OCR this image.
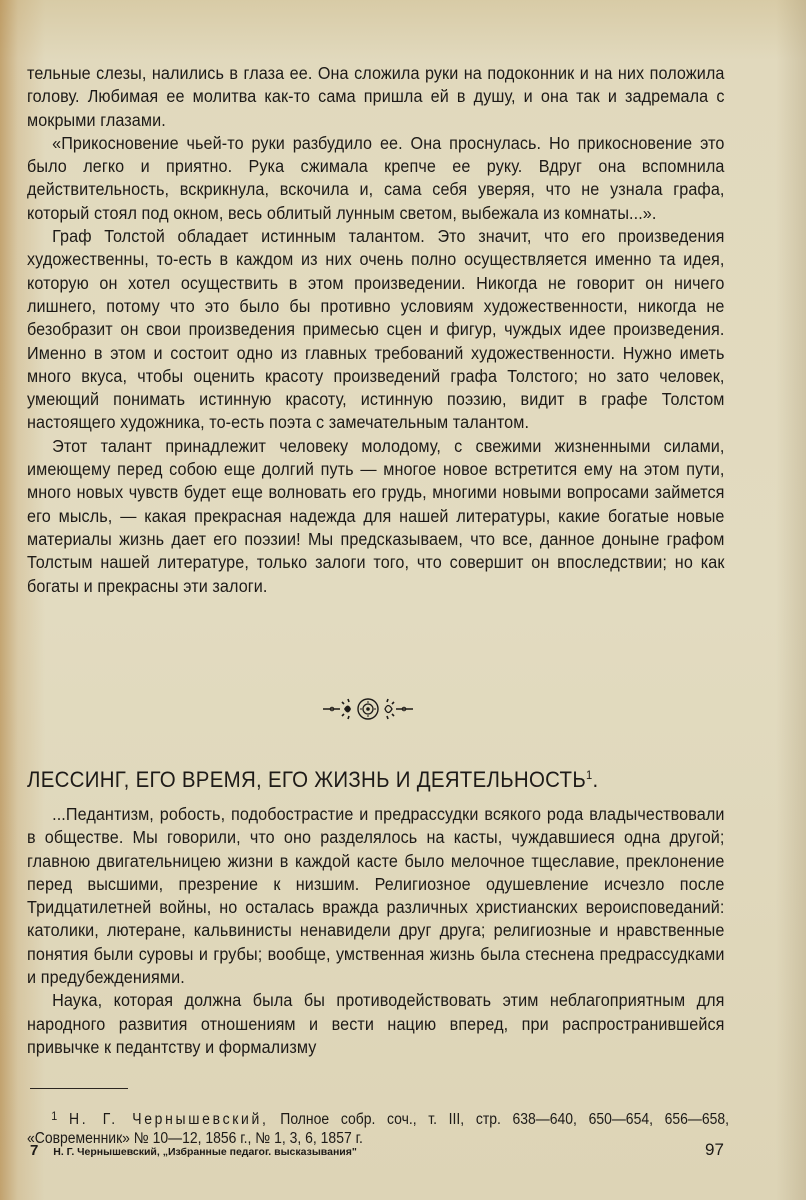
тельные слезы, налились в глаза ее. Она сложила руки на подоконник и на них положила голову. Любимая ее молитва как-то сама пришла ей в душу, и она так и задремала с мокрыми глазами.

«Прикосновение чьей-то руки разбудило ее. Она проснулась. Но прикосновение это было легко и приятно. Рука сжимала крепче ее руку. Вдруг она вспомнила действительность, вскрикнула, вскочила и, сама себя уверяя, что не узнала графа, который стоял под окном, весь облитый лунным светом, выбежала из комнаты...».

Граф Толстой обладает истинным талантом. Это значит, что его произведения художественны, то-есть в каждом из них очень полно осуществляется именно та идея, которую он хотел осуществить в этом произведении. Никогда не говорит он ничего лишнего, потому что это было бы противно условиям художественности, никогда не безобразит он свои произведения примесью сцен и фигур, чуждых идее произведения. Именно в этом и состоит одно из главных требований художественности. Нужно иметь много вкуса, чтобы оценить красоту произведений графа Толстого; но зато человек, умеющий понимать истинную красоту, истинную поэзию, видит в графе Толстом настоящего художника, то-есть поэта с замечательным талантом.

Этот талант принадлежит человеку молодому, с свежими жизненными силами, имеющему перед собою еще долгий путь — многое новое встретится ему на этом пути, много новых чувств будет еще волновать его грудь, многими новыми вопросами займется его мысль, — какая прекрасная надежда для нашей литературы, какие богатые новые материалы жизнь дает его поэзии! Мы предсказываем, что все, данное доныне графом Толстым нашей литературе, только залоги того, что совершит он впоследствии; но как богаты и прекрасны эти залоги.

ЛЕССИНГ, ЕГО ВРЕМЯ, ЕГО ЖИЗНЬ И ДЕЯТЕЛЬНОСТЬ$^1$.

...Педантизм, робость, подобострастие и предрассудки всякого рода владычествовали в обществе. Мы говорили, что оно разделялось на касты, чуждавшиеся одна другой; главною двигательницею жизни в каждой касте было мелочное тщеславие, преклонение перед высшими, презрение к низшим. Религиозное одушевление исчезло после Тридцатилетней войны, но осталась вражда различных христианских вероисповеданий: католики, лютеране, кальвинисты ненавидели друг друга; религиозные и нравственные понятия были суровы и грубы; вообще, умственная жизнь была стеснена предрассудками и предубеждениями.

Наука, которая должна была бы противодействовать этим неблагоприятным для народного развития отношениям и вести нацию вперед, при распространившейся привычке к педантству и формализму

$^1$ Н. Г. Чернышевский, Полное собр. соч., т. III, стр. 638—640, 650—654, 656—658, «Современник» № 10—12, 1856 г., № 1, 3, 6, 1857 г.
7 Н. Г. Чернышевский, „Избранные педагог. высказывания"	97
